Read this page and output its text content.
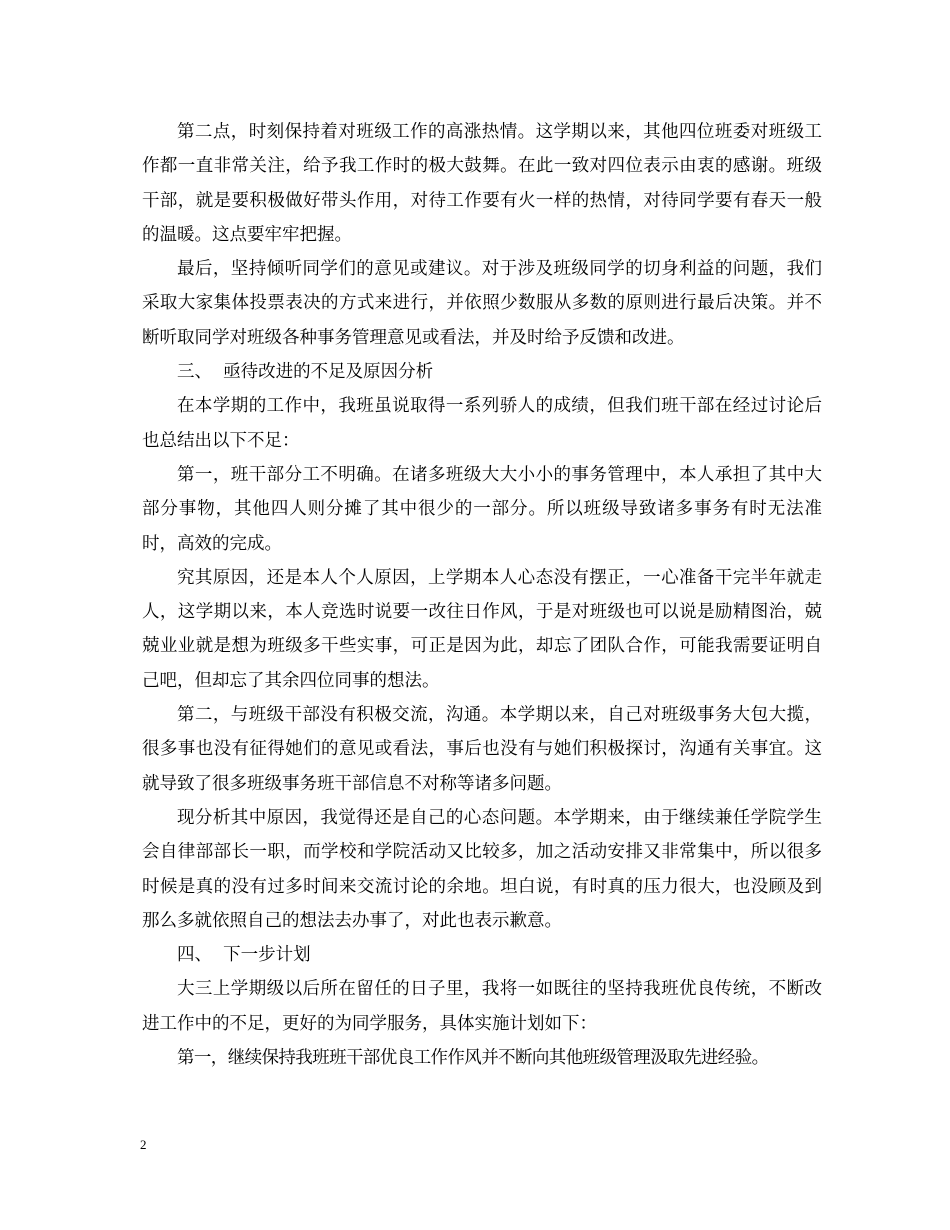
第二点，时刻保持着对班级工作的高涨热情。这学期以来，其他四位班委对班级工作都一直非常关注，给予我工作时的极大鼓舞。在此一致对四位表示由衷的感谢。班级干部，就是要积极做好带头作用，对待工作要有火一样的热情，对待同学要有春天一般的温暖。这点要牢牢把握。

最后，坚持倾听同学们的意见或建议。对于涉及班级同学的切身利益的问题，我们采取大家集体投票表决的方式来进行，并依照少数服从多数的原则进行最后决策。并不断听取同学对班级各种事务管理意见或看法，并及时给予反馈和改进。

三、  亟待改进的不足及原因分析

在本学期的工作中，我班虽说取得一系列骄人的成绩，但我们班干部在经过讨论后也总结出以下不足：

第一，班干部分工不明确。在诸多班级大大小小的事务管理中，本人承担了其中大部分事物，其他四人则分摊了其中很少的一部分。所以班级导致诸多事务有时无法准时，高效的完成。

究其原因，还是本人个人原因，上学期本人心态没有摆正，一心准备干完半年就走人，这学期以来，本人竞选时说要一改往日作风，于是对班级也可以说是励精图治，兢兢业业就是想为班级多干些实事，可正是因为此，却忘了团队合作，可能我需要证明自己吧，但却忘了其余四位同事的想法。

第二，与班级干部没有积极交流，沟通。本学期以来，自己对班级事务大包大揽，很多事也没有征得她们的意见或看法，事后也没有与她们积极探讨，沟通有关事宜。这就导致了很多班级事务班干部信息不对称等诸多问题。

现分析其中原因，我觉得还是自己的心态问题。本学期来，由于继续兼任学院学生会自律部部长一职，而学校和学院活动又比较多，加之活动安排又非常集中，所以很多时候是真的没有过多时间来交流讨论的余地。坦白说，有时真的压力很大，也没顾及到那么多就依照自己的想法去办事了，对此也表示歉意。

四、  下一步计划

大三上学期级以后所在留任的日子里，我将一如既往的坚持我班优良传统，不断改进工作中的不足，更好的为同学服务，具体实施计划如下：

第一，继续保持我班班干部优良工作作风并不断向其他班级管理汲取先进经验。

2
